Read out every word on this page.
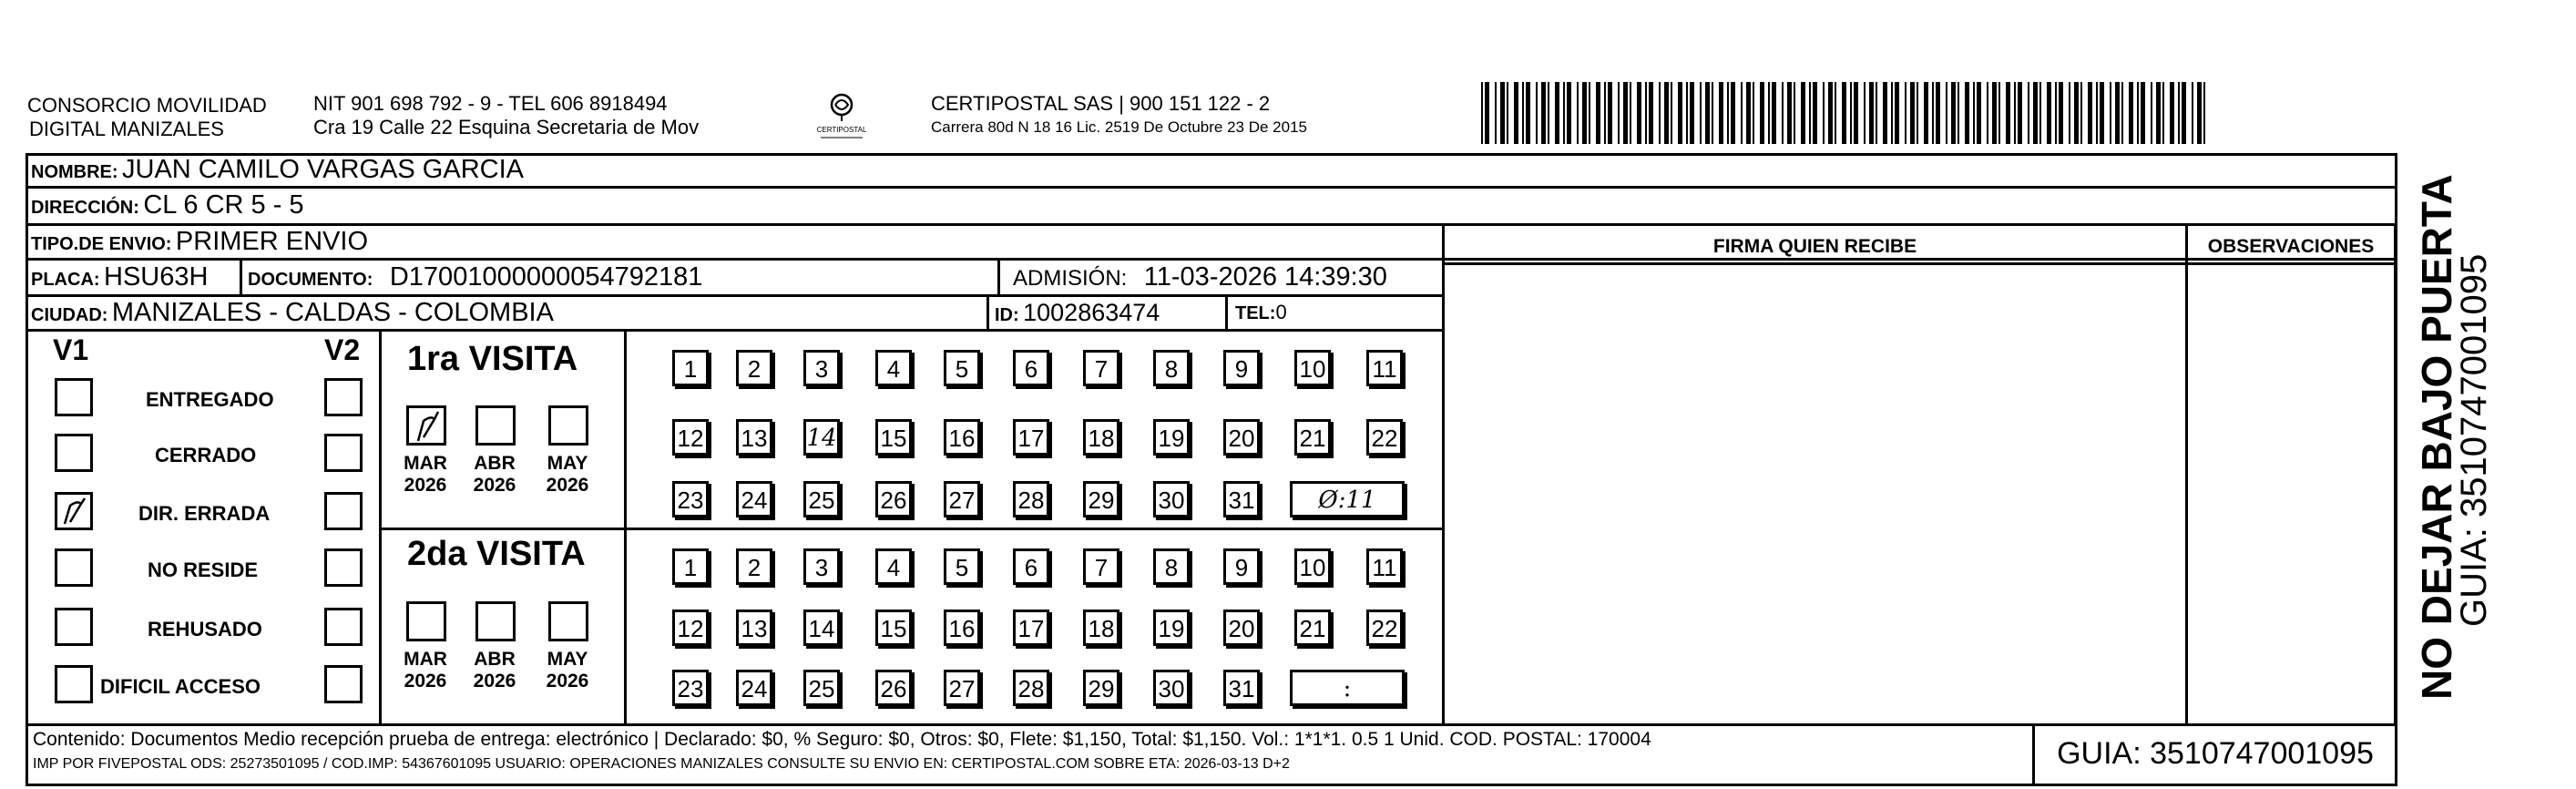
CONSORCIO MOVILIDAD
DIGITAL MANIZALES
NIT 901 698 792 - 9 - TEL 606 8918494
Cra 19 Calle 22 Esquina Secretaria de Mov	CERTIPOSTAL
CERTIPOSTAL SAS | 900 151 122 - 2
Carrera 80d N 18 16 Lic. 2519 De Octubre 23 De 2015
NOMBRE: JUAN CAMILO VARGAS GARCIA
DIRECCIÓN: CL 6 CR 5 - 5
TIPO.DE ENVIO: PRIMER ENVIO
PLACA: HSU63H DOCUMENTO: D17001000000054792181	ADMISIÓN: 11-03-2026 14:39:30
CIUDAD: MANIZALES - CALDAS - COLOMBIA	ID: 1002863474	TEL:0
FIRMA QUIEN RECIBE	OBSERVACIONES
V1	V2
ENTREGADO
CERRADO
DIR. ERRADA
NO RESIDE
REHUSADO
DIFICIL ACCESO
1ra VISITA
2da VISITA
MAR
2026
ABR
2026
MAY
2026
MAR
2026
ABR
2026
MAY
2026
1	2	3	4	5	6	7	8	9	10 11
12 13 14 15 16 17 18 19 20 21 22
23 24 25 26 27 28 29 30 31	Ø:11
1	2	3	4	5	6	7	8	9	10 11
12 13 14 15 16 17 18 19 20 21 22
23 24 25 26 27 28 29 30 31	:
Contenido: Documentos Medio recepción prueba de entrega: electrónico | Declarado: $0, % Seguro: $0, Otros: $0, Flete: $1,150, Total: $1,150. Vol.: 1*1*1. 0.5 1 Unid. COD. POSTAL: 170004
IMP POR FIVEPOSTAL ODS: 25273501095 / COD.IMP: 54367601095 USUARIO: OPERACIONES MANIZALES CONSULTE SU ENVIO EN: CERTIPOSTAL.COM SOBRE ETA: 2026-03-13 D+2	GUIA: 3510747001095
NO DEJAR BAJO PUERTA
GUIA: 3510747001095
